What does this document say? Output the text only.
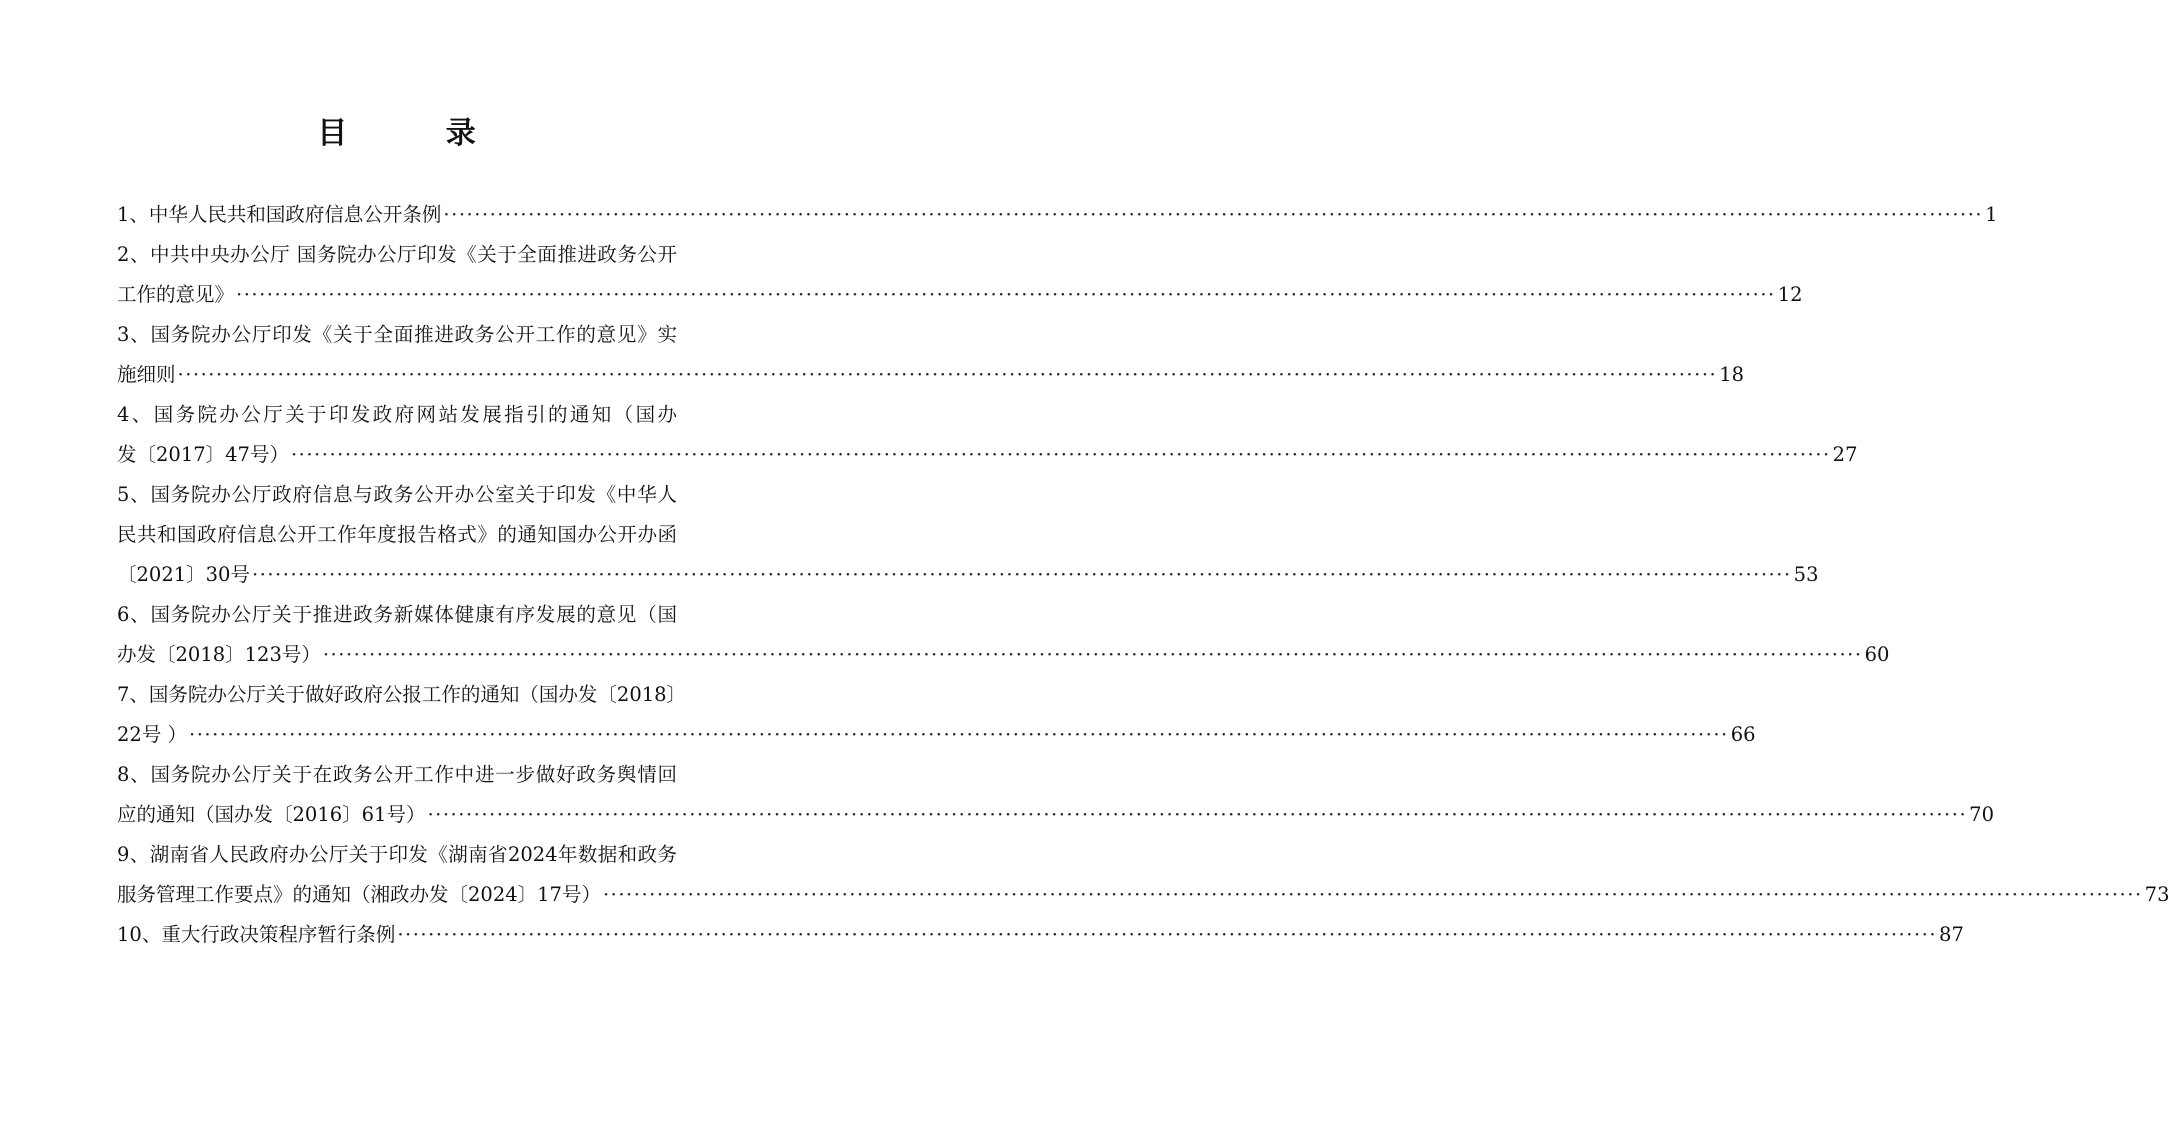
目 录
1、中华人民共和国政府信息公开条例 ········································································································································································································ 1
2、中共中央办公厅 国务院办公厅印发《关于全面推进政务公开
工作的意见》 ········································································································································································································ 12
3、国务院办公厅印发《关于全面推进政务公开工作的意见》实
施细则 ········································································································································································································ 18
4、国务院办公厅关于印发政府网站发展指引的通知（国办
发〔2017〕47号） ········································································································································································································ 27
5、国务院办公厅政府信息与政务公开办公室关于印发《中华人
民共和国政府信息公开工作年度报告格式》的通知国办公开办函
〔2021〕30号 ········································································································································································································ 53
6、国务院办公厅关于推进政务新媒体健康有序发展的意见（国
办发〔2018〕123号） ········································································································································································································ 60
7、国务院办公厅关于做好政府公报工作的通知（国办发〔2018〕
22号 ） ········································································································································································································ 66
8、国务院办公厅关于在政务公开工作中进一步做好政务舆情回
应的通知（国办发〔2016〕61号） ········································································································································································································ 70
9、湖南省人民政府办公厅关于印发《湖南省2024年数据和政务
服务管理工作要点》的通知（湘政办发〔2024〕17号） ········································································································································································································ 73
10、重大行政决策程序暂行条例 ········································································································································································································ 87
